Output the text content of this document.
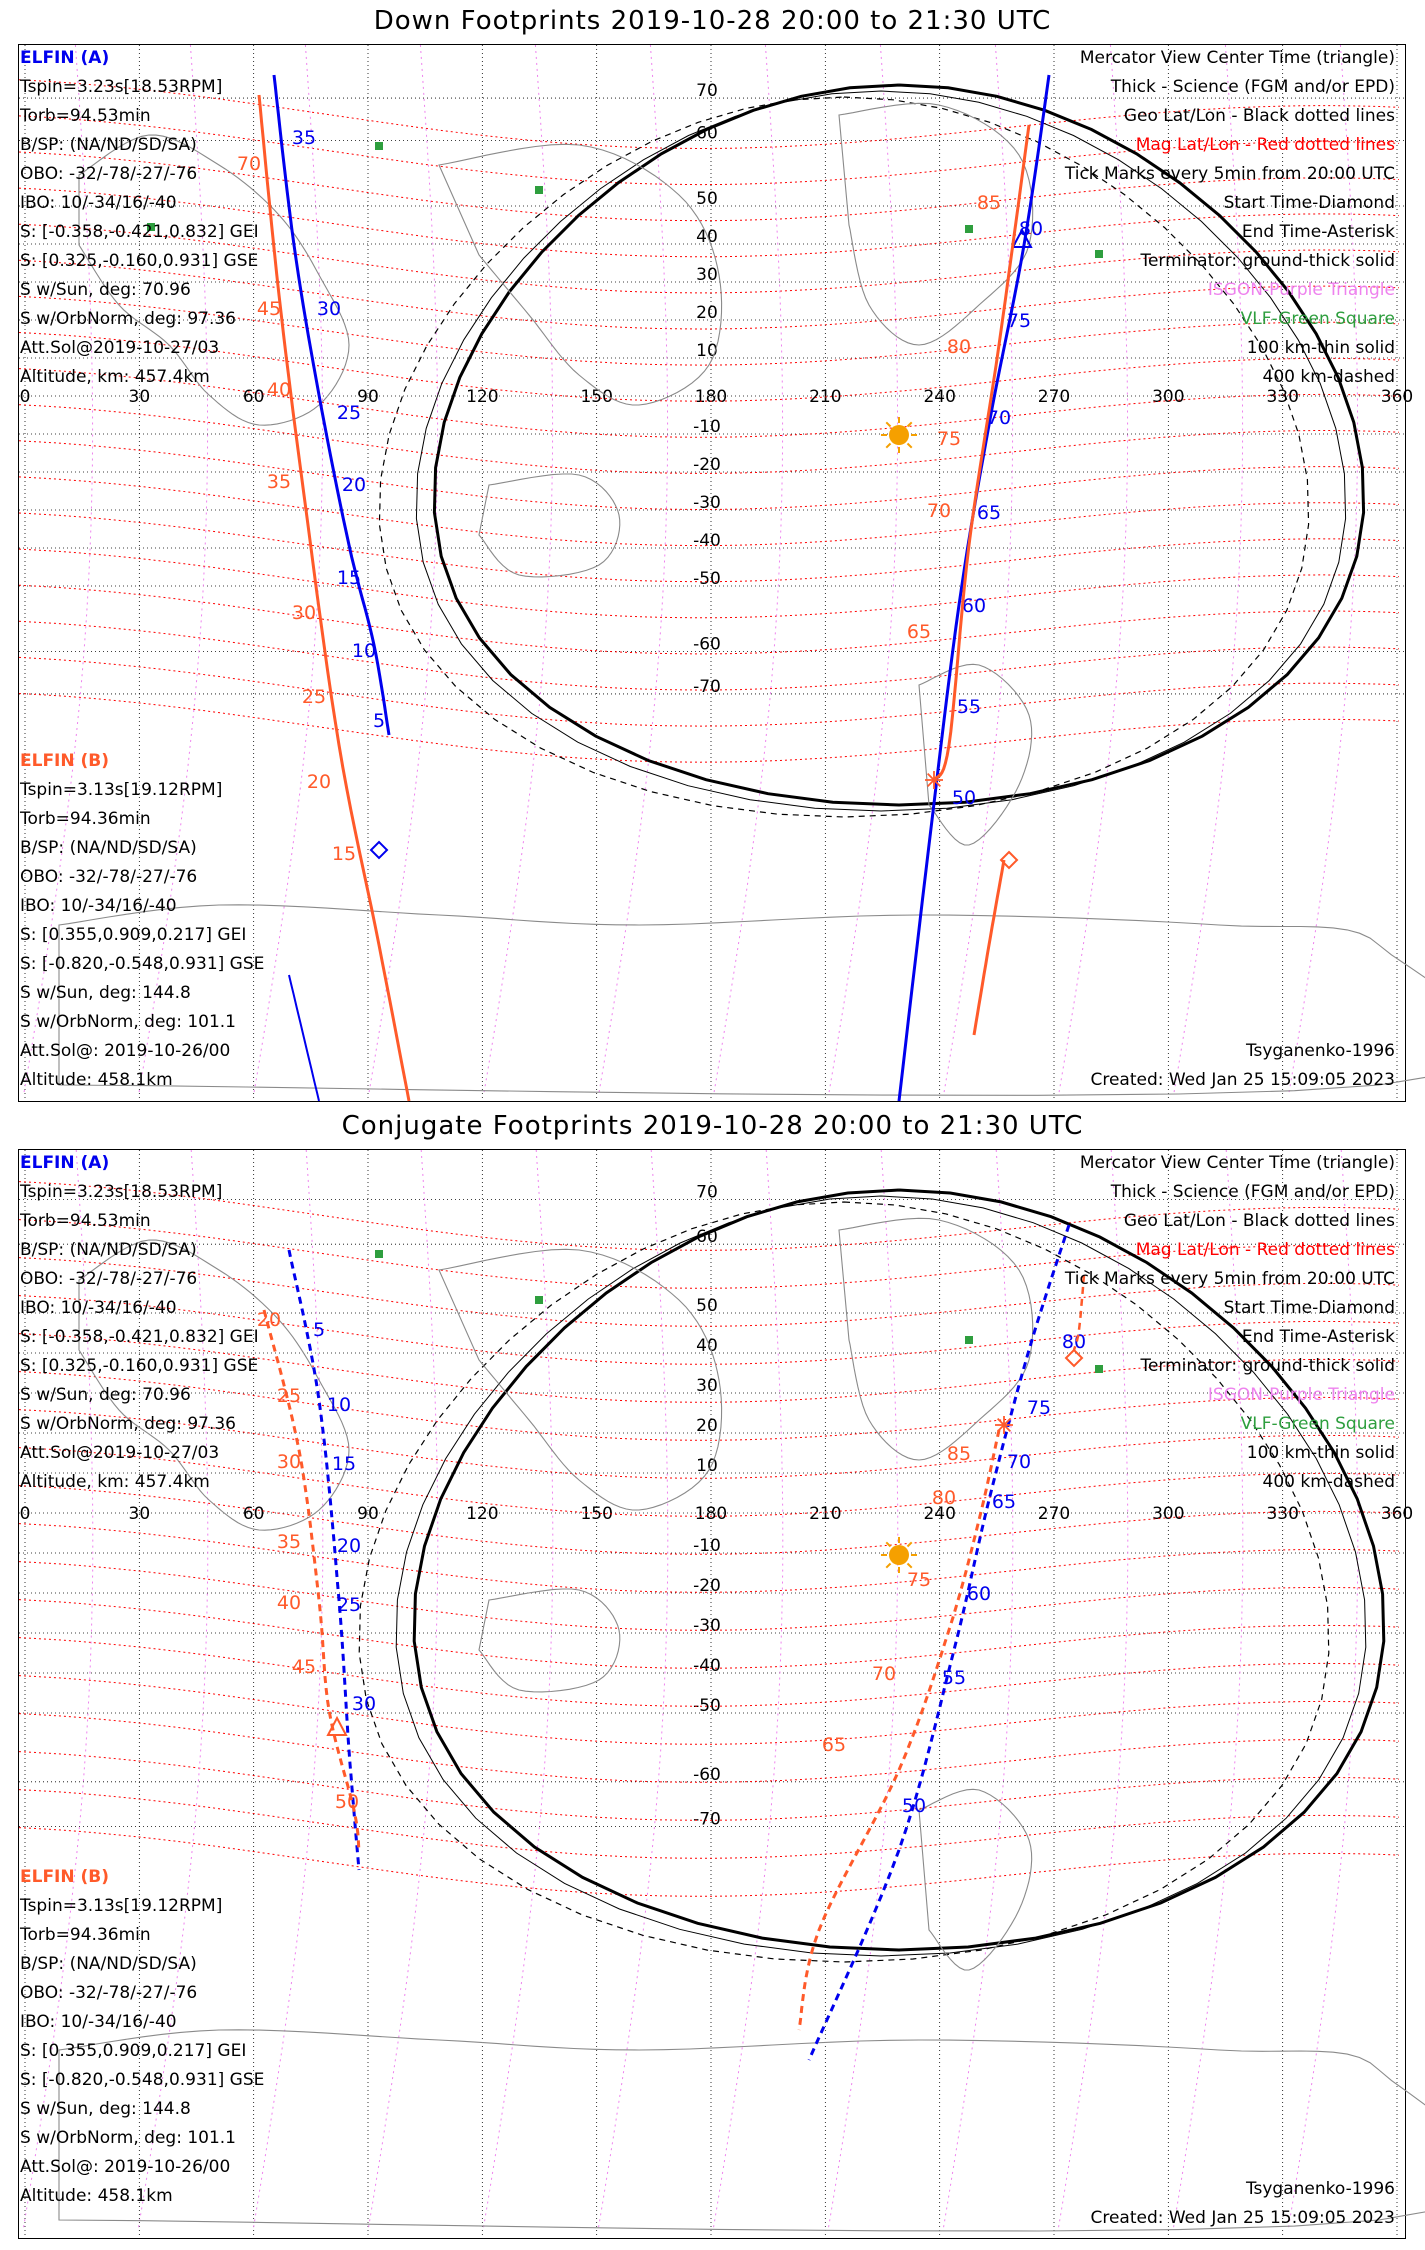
Down Footprints 2019-10-28 20:00 to 21:30 UTC
0	30	60	90	120	150	180	210	240	270	300	330	360
70
60
50
40
30
20
10
-10
-20
-30
-40
-50
-60
-70
35
30
25
20
15
10
5
70
45
40
35
30
25
20
15
80
75
70
65
60
55
50
85
80
75
70
65
ELFIN (A)
Tspin=3.23s[18.53RPM]
Torb=94.53min
B/SP: (NA/ND/SD/SA)
OBO: -32/-78/-27/-76
IBO: 10/-34/16/-40
S: [-0.358,-0.421,0.832] GEI
S: [0.325,-0.160,0.931] GSE
S w/Sun, deg: 70.96
S w/OrbNorm, deg: 97.36
Att.Sol@2019-10-27/03
Altitude, km: 457.4km
ELFIN (B)
Tspin=3.13s[19.12RPM]
Torb=94.36min
B/SP: (NA/ND/SD/SA)
OBO: -32/-78/-27/-76
IBO: 10/-34/16/-40
S: [0.355,0.909,0.217] GEI
S: [-0.820,-0.548,0.931] GSE
S w/Sun, deg: 144.8
S w/OrbNorm, deg: 101.1
Att.Sol@: 2019-10-26/00
Altitude: 458.1km
Mercator View Center Time (triangle)
Thick - Science (FGM and/or EPD)
Geo Lat/Lon - Black dotted lines
Mag Lat/Lon - Red dotted lines
Tick Marks every 5min from 20:00 UTC
Start Time-Diamond
End Time-Asterisk
Terminator: ground-thick solid
ISGON-Purple Triangle
VLF-Green Square
100 km-thin solid
400 km-dashed
Tsyganenko-1996
Created: Wed Jan 25 15:09:05 2023
Conjugate Footprints 2019-10-28 20:00 to 21:30 UTC
0	30	60	90	120	150	180	210	240	270	300	330	360
70
60
50
40
30
20
10
-10
-20
-30
-40
-50
-60
-70
5
10
15
20
25
30
20
25
30
35
40
45
50
80
75
70
65
60
55
50
85
80
75
70
65
ELFIN (A)
Tspin=3.23s[18.53RPM]
Torb=94.53min
B/SP: (NA/ND/SD/SA)
OBO: -32/-78/-27/-76
IBO: 10/-34/16/-40
S: [-0.358,-0.421,0.832] GEI
S: [0.325,-0.160,0.931] GSE
S w/Sun, deg: 70.96
S w/OrbNorm, deg: 97.36
Att.Sol@2019-10-27/03
Altitude, km: 457.4km
ELFIN (B)
Tspin=3.13s[19.12RPM]
Torb=94.36min
B/SP: (NA/ND/SD/SA)
OBO: -32/-78/-27/-76
IBO: 10/-34/16/-40
S: [0.355,0.909,0.217] GEI
S: [-0.820,-0.548,0.931] GSE
S w/Sun, deg: 144.8
S w/OrbNorm, deg: 101.1
Att.Sol@: 2019-10-26/00
Altitude: 458.1km
Mercator View Center Time (triangle)
Thick - Science (FGM and/or EPD)
Geo Lat/Lon - Black dotted lines
Mag Lat/Lon - Red dotted lines
Tick Marks every 5min from 20:00 UTC
Start Time-Diamond
End Time-Asterisk
Terminator: ground-thick solid
ISGON-Purple Triangle
VLF-Green Square
100 km-thin solid
400 km-dashed
Tsyganenko-1996
Created: Wed Jan 25 15:09:05 2023
